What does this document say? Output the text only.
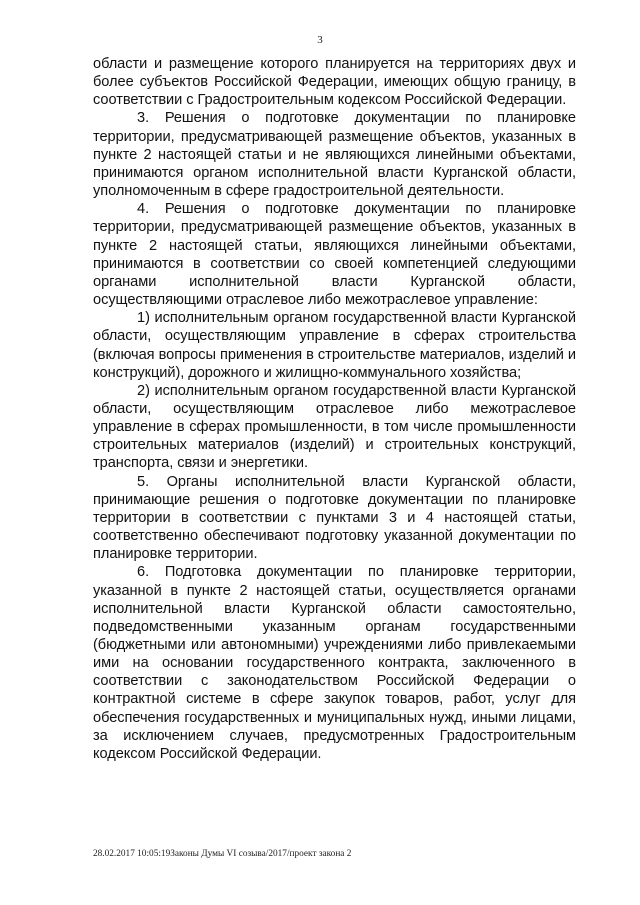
3

области и размещение которого планируется на территориях двух и более субъектов Российской Федерации, имеющих общую границу, в соответствии с Градостроительным кодексом Российской Федерации.

3. Решения о подготовке документации по планировке территории, предусматривающей размещение объектов, указанных в пункте 2 настоящей статьи и не являющихся линейными объектами, принимаются органом исполнительной власти Курганской области, уполномоченным в сфере градостроительной деятельности.

4. Решения о подготовке документации по планировке территории, предусматривающей размещение объектов, указанных в пункте 2 настоящей статьи, являющихся линейными объектами, принимаются в соответствии со своей компетенцией следующими органами исполнительной власти Курганской области, осуществляющими отраслевое либо межотраслевое управление:

1) исполнительным органом государственной власти Курганской области, осуществляющим управление в сферах строительства (включая вопросы применения в строительстве материалов, изделий и конструкций), дорожного и жилищно-коммунального хозяйства;

2) исполнительным органом государственной власти Курганской области, осуществляющим отраслевое либо межотраслевое управление в сферах промышленности, в том числе промышленности строительных материалов (изделий) и строительных конструкций, транспорта, связи и энергетики.

5. Органы исполнительной власти Курганской области, принимающие решения о подготовке документации по планировке территории в соответствии с пунктами 3 и 4 настоящей статьи, соответственно обеспечивают подготовку указанной документации по планировке территории.

6. Подготовка документации по планировке территории, указанной в пункте 2 настоящей статьи, осуществляется органами исполнительной власти Курганской области самостоятельно, подведомственными указанным органам государственными (бюджетными или автономными) учреждениями либо привлекаемыми ими на основании государственного контракта, заключенного в соответствии с законодательством Российской Федерации о контрактной системе в сфере закупок товаров, работ, услуг для обеспечения государственных и муниципальных нужд, иными лицами, за исключением случаев, предусмотренных Градостроительным кодексом Российской Федерации.

28.02.2017 10:05:19Законы Думы VI созыва/2017/проект закона 2
